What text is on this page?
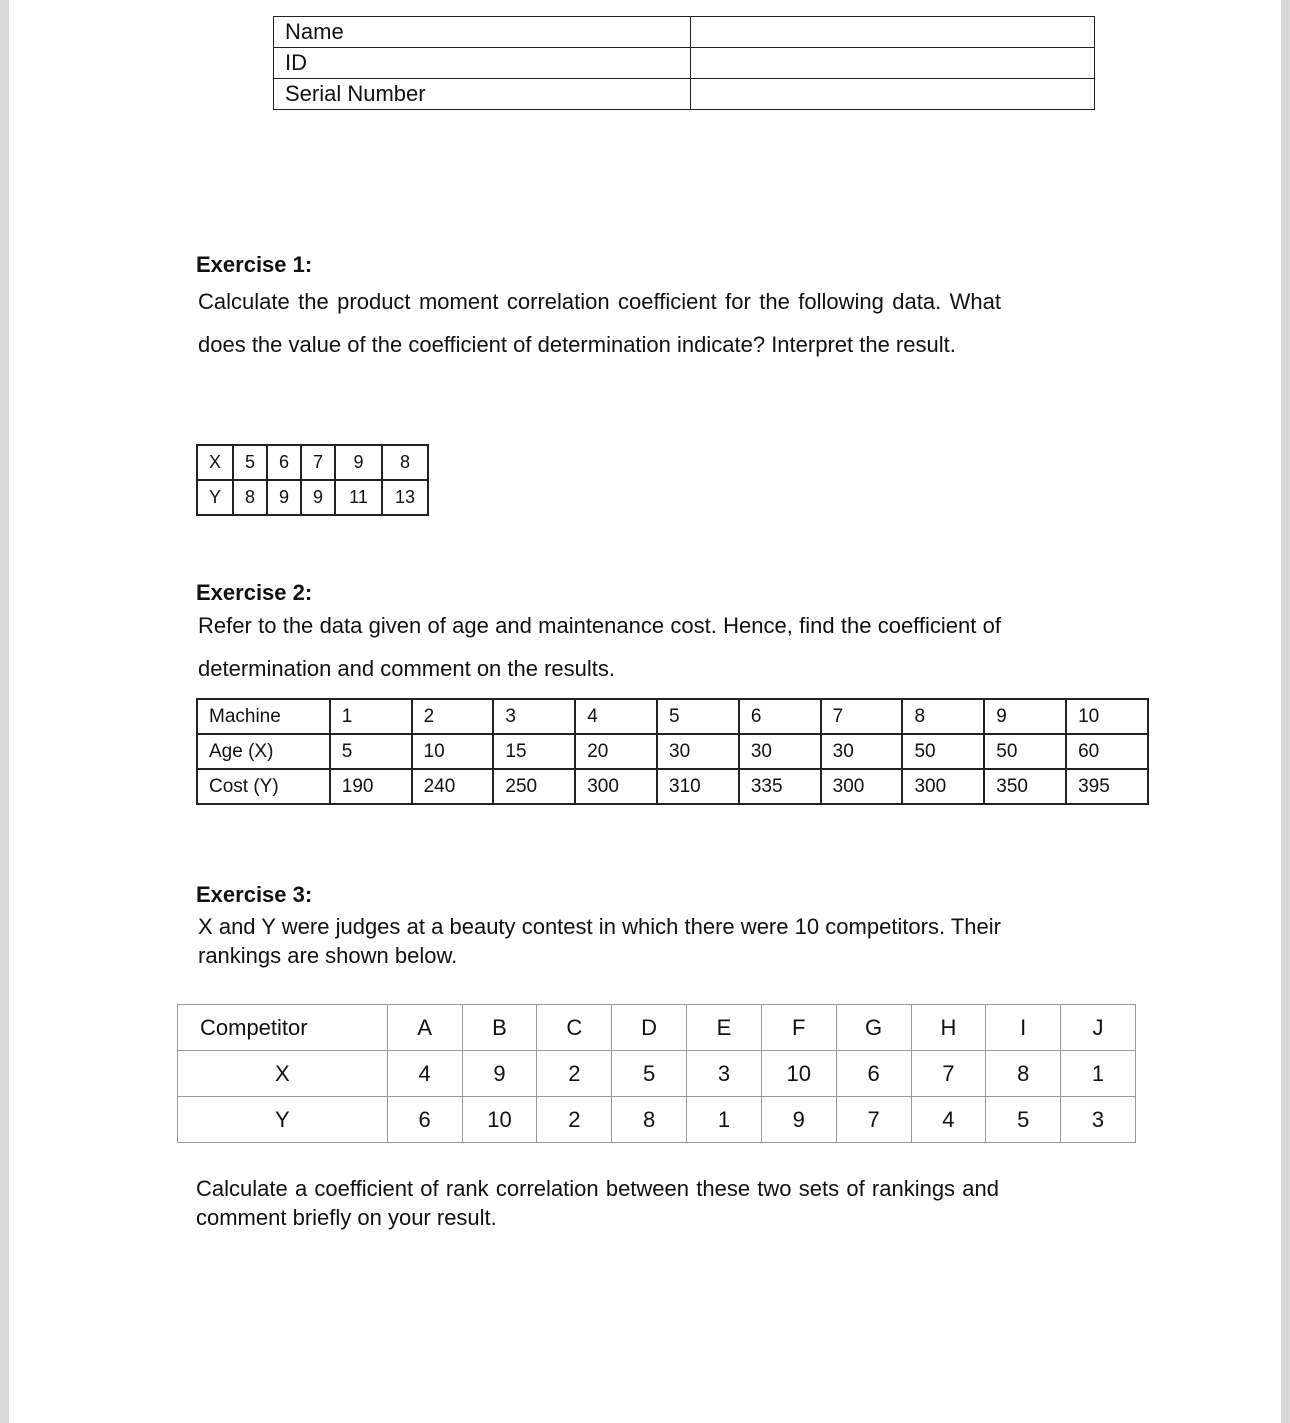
Name	
ID	
Serial Number	
Exercise 1:
Calculate the product moment correlation coefficient for the following data. What does the value of the coefficient of determination indicate? Interpret the result.
X	5	6	7	9	8
Y	8	9	9	11	13
Exercise 2:
Refer to the data given of age and maintenance cost. Hence, find the coefficient of determination and comment on the results.
Machine	1	2	3	4	5	6	7	8	9	10
Age (X)	5	10	15	20	30	30	30	50	50	60
Cost (Y)	190	240	250	300	310	335	300	300	350	395
Exercise 3:
X and Y were judges at a beauty contest in which there were 10 competitors. Their rankings are shown below.
Competitor	A	B	C	D	E	F	G	H	I	J
X	4	9	2	5	3	10	6	7	8	1
Y	6	10	2	8	1	9	7	4	5	3
Calculate a coefficient of rank correlation between these two sets of rankings and comment briefly on your result.
